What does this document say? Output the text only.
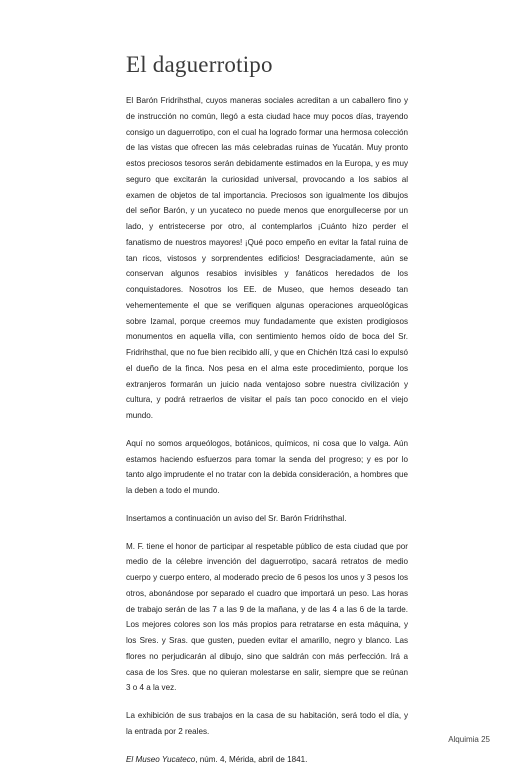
El daguerrotipo

El Barón Fridrihsthal, cuyos maneras sociales acreditan a un caballero fino y de instrucción no común, llegó a esta ciudad hace muy pocos días, trayendo consigo un daguerrotipo, con el cual ha logrado formar una hermosa colección de las vistas que ofrecen las más celebradas ruinas de Yucatán. Muy pronto estos preciosos tesoros serán debidamente estimados en la Europa, y es muy seguro que excitarán la curiosidad universal, provocando a los sabios al examen de objetos de tal importancia. Preciosos son igualmente los dibujos del señor Barón, y un yucateco no puede menos que enorgullecerse por un lado, y entristecerse por otro, al contemplarlos ¡Cuánto hizo perder el fanatismo de nuestros mayores! ¡Qué poco empeño en evitar la fatal ruina de tan ricos, vistosos y sorprendentes edificios! Desgraciadamente, aún se conservan algunos resabios invisibles y fanáticos heredados de los conquistadores. Nosotros los EE. de Museo, que hemos deseado tan vehementemente el que se verifiquen algunas operaciones arqueológicas sobre Izamal, porque creemos muy fundadamente que existen prodigiosos monumentos en aquella villa, con sentimiento hemos oído de boca del Sr. Fridrihsthal, que no fue bien recibido allí, y que en Chichén Itzá casi lo expulsó el dueño de la finca. Nos pesa en el alma este procedimiento, porque los extranjeros formarán un juicio nada ventajoso sobre nuestra civilización y cultura, y podrá retraerlos de visitar el país tan poco conocido en el viejo mundo.

Aquí no somos arqueólogos, botánicos, químicos, ni cosa que lo valga. Aún estamos haciendo esfuerzos para tomar la senda del progreso; y es por lo tanto algo imprudente el no tratar con la debida consideración, a hombres que la deben a todo el mundo.

Insertamos a continuación un aviso del Sr. Barón Fridrihsthal.

M. F. tiene el honor de participar al respetable público de esta ciudad que por medio de la célebre invención del daguerrotipo, sacará retratos de medio cuerpo y cuerpo entero, al moderado precio de 6 pesos los unos y 3 pesos los otros, abonándose por separado el cuadro que importará un peso. Las horas de trabajo serán de las 7 a las 9 de la mañana, y de las 4 a las 6 de la tarde. Los mejores colores son los más propios para retratarse en esta máquina, y los Sres. y Sras. que gusten, pueden evitar el amarillo, negro y blanco. Las flores no perjudicarán al dibujo, sino que saldrán con más perfección. Irá a casa de los Sres. que no quieran molestarse en salir, siempre que se reúnan 3 o 4 a la vez.

La exhibición de sus trabajos en la casa de su habitación, será todo el día, y la entrada por 2 reales.

El Museo Yucateco, núm. 4, Mérida, abril de 1841.

Alquimia 25
